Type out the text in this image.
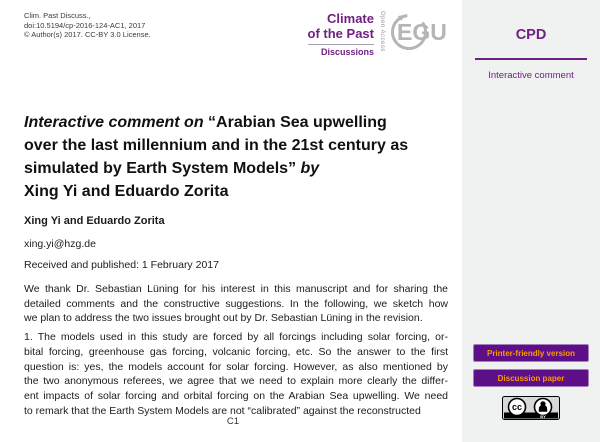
Clim. Past Discuss.,
doi:10.5194/cp-2016-124-AC1, 2017
© Author(s) 2017. CC-BY 3.0 License.
Climate
of the Past
Discussions
Open Access EGU
Interactive comment on “Arabian Sea upwelling
over the last millennium and in the 21st century as
simulated by Earth System Models” by
Xing Yi and Eduardo Zorita
Xing Yi and Eduardo Zorita
xing.yi@hzg.de
Received and published: 1 February 2017
We thank Dr. Sebastian Lüning for his interest in this manuscript and for sharing the
detailed comments and the constructive suggestions. In the following, we sketch how
we plan to address the two issues brought out by Dr. Sebastian Lüning in the revision.
1. The models used in this study are forced by all forcings including solar forcing, or-
bital forcing, greenhouse gas forcing, volcanic forcing, etc. So the answer to the first
question is: yes, the models account for solar forcing. However, as also mentioned by
the two anonymous referees, we agree that we need to explain more clearly the differ-
ent impacts of solar forcing and orbital forcing on the Arabian Sea upwelling. We need
to remark that the Earth System Models are not “calibrated” against the reconstructed
C1
CPD
Interactive comment
Printer-friendly version
Discussion paper
cc
BY
